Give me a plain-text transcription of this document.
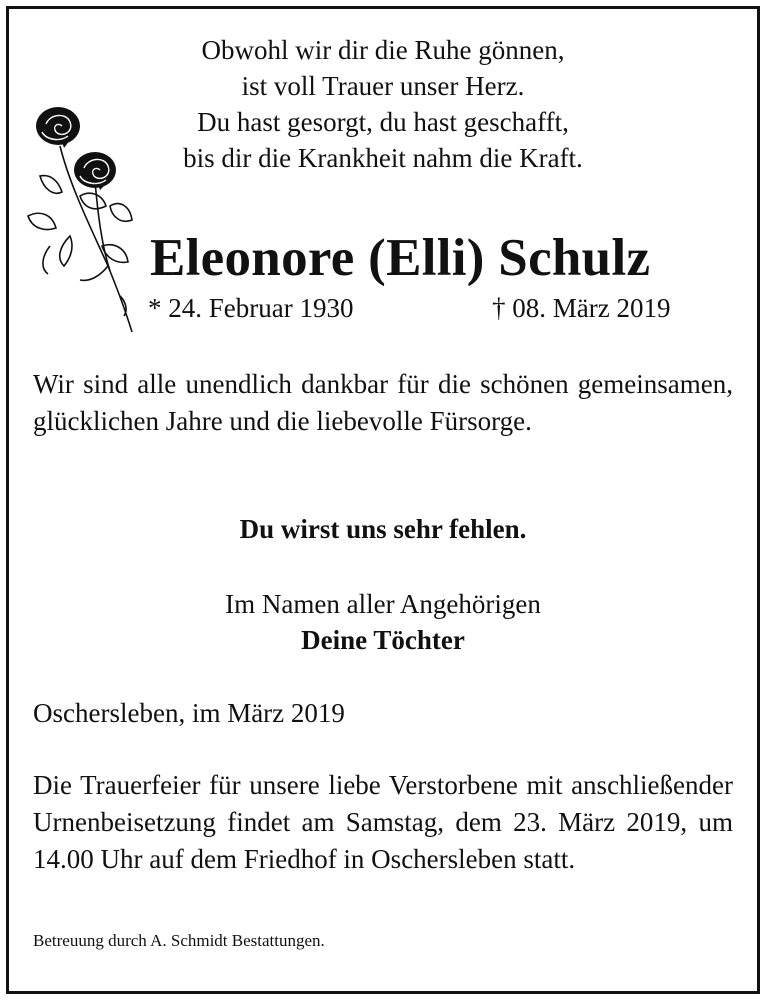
Obwohl wir dir die Ruhe gönnen,
ist voll Trauer unser Herz.
Du hast gesorgt, du hast geschafft,
bis dir die Krankheit nahm die Kraft.
Eleonore (Elli) Schulz
* 24. Februar 1930	† 08. März 2019
Wir sind alle unendlich dankbar für die schönen gemeinsamen, glücklichen Jahre und die liebevolle Fürsorge.
Du wirst uns sehr fehlen.
Im Namen aller Angehörigen
Deine Töchter
Oschersleben, im März 2019
Die Trauerfeier für unsere liebe Verstorbene mit anschließender Urnenbeisetzung findet am Samstag, dem 23. März 2019, um 14.00 Uhr auf dem Friedhof in Oschersleben statt.
Betreuung durch A. Schmidt Bestattungen.
